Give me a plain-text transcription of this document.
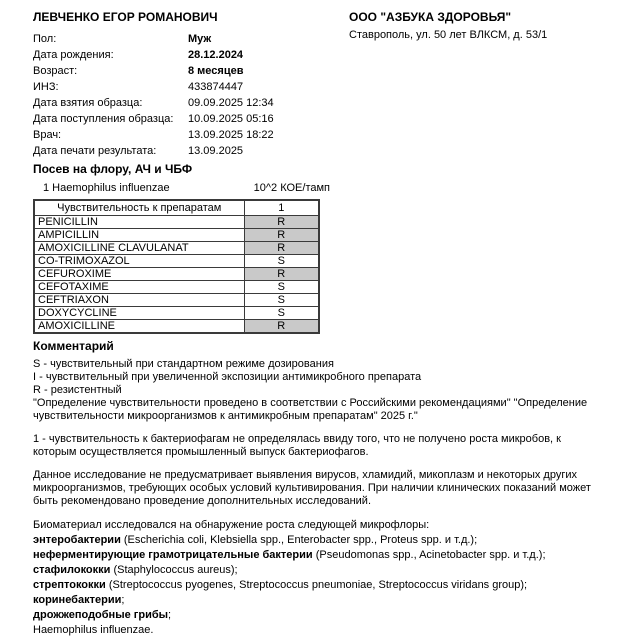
ЛЕВЧЕНКО ЕГОР РОМАНОВИЧ
Пол:	Муж
Дата рождения:	28.12.2024
Возраст:	8 месяцев
ИНЗ:	433874447
Дата взятия образца:	09.09.2025 12:34
Дата поступления образца:	10.09.2025 05:16
Врач:	13.09.2025 18:22
Дата печати результата:	13.09.2025
ООО "АЗБУКА ЗДОРОВЬЯ"
Ставрополь, ул. 50 лет ВЛКСМ, д. 53/1
Посев на флору, АЧ и ЧБФ
1 Haemophilus influenzae	10^2 КОЕ/тамп
Чувствительность к препаратам	1
PENICILLIN	R
AMPICILLIN	R
AMOXICILLINE CLAVULANAT	R
CO-TRIMOXAZOL	S
CEFUROXIME	R
CEFOTAXIME	S
CEFTRIAXON	S
DOXYCYCLINE	S
AMOXICILLINE	R
Комментарий
S - чувствительный при стандартном режиме дозирования
I - чувствительный при увеличенной экспозиции антимикробного препарата
R - резистентный
"Определение чувствительности проведено в соответствии с Российскими рекомендациями" "Определение чувствительности микроорганизмов к антимикробным препаратам" 2025 г."
1 - чувствительность к бактериофагам не определялась ввиду того, что не получено роста микробов, к которым осуществляется промышленный выпуск бактериофагов.
Данное исследование не предусматривает выявления вирусов, хламидий, микоплазм и некоторых других микроорганизмов, требующих особых условий культивирования. При наличии клинических показаний может быть рекомендовано проведение дополнительных исследований.
Биоматериал исследовался на обнаружение роста следующей микрофлоры:
энтеробактерии (Escherichia coli, Klebsiella spp., Enterobacter spp., Proteus spp. и т.д.);
неферментирующие грамотрицательные бактерии (Pseudomonas spp., Acinetobacter spp. и т.д.);
стафилококки (Staphylococcus aureus);
стрептококки (Streptococcus pyogenes, Streptococcus pneumoniae, Streptococcus viridans group);
коринебактерии;
дрожжеподобные грибы;
Haemophilus influenzae.
